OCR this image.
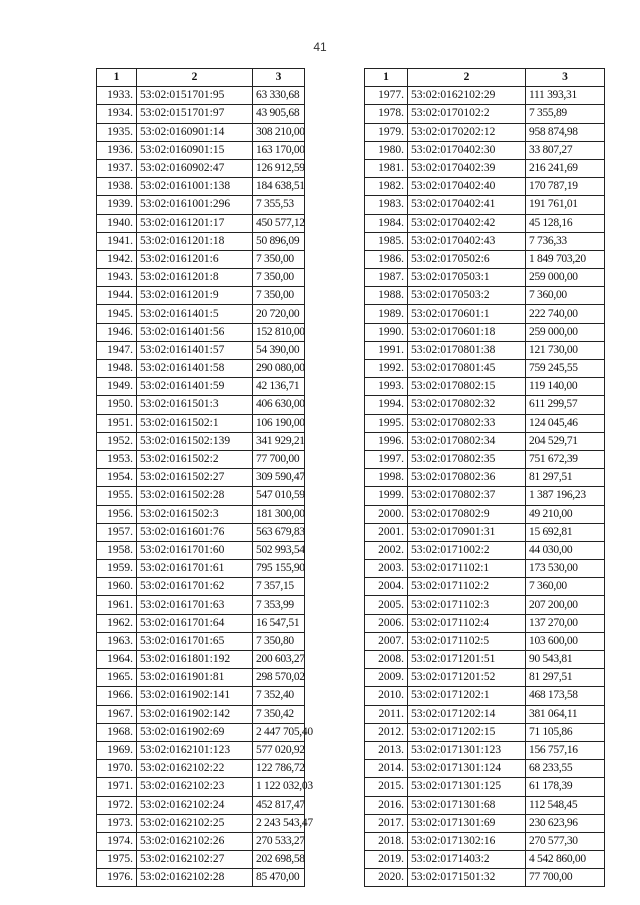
41
1	2	3
1933.	53:02:0151701:95	63 330,68
1934.	53:02:0151701:97	43 905,68
1935.	53:02:0160901:14	308 210,00
1936.	53:02:0160901:15	163 170,00
1937.	53:02:0160902:47	126 912,59
1938.	53:02:0161001:138	184 638,51
1939.	53:02:0161001:296	7 355,53
1940.	53:02:0161201:17	450 577,12
1941.	53:02:0161201:18	50 896,09
1942.	53:02:0161201:6	7 350,00
1943.	53:02:0161201:8	7 350,00
1944.	53:02:0161201:9	7 350,00
1945.	53:02:0161401:5	20 720,00
1946.	53:02:0161401:56	152 810,00
1947.	53:02:0161401:57	54 390,00
1948.	53:02:0161401:58	290 080,00
1949.	53:02:0161401:59	42 136,71
1950.	53:02:0161501:3	406 630,00
1951.	53:02:0161502:1	106 190,00
1952.	53:02:0161502:139	341 929,21
1953.	53:02:0161502:2	77 700,00
1954.	53:02:0161502:27	309 590,47
1955.	53:02:0161502:28	547 010,59
1956.	53:02:0161502:3	181 300,00
1957.	53:02:0161601:76	563 679,83
1958.	53:02:0161701:60	502 993,54
1959.	53:02:0161701:61	795 155,90
1960.	53:02:0161701:62	7 357,15
1961.	53:02:0161701:63	7 353,99
1962.	53:02:0161701:64	16 547,51
1963.	53:02:0161701:65	7 350,80
1964.	53:02:0161801:192	200 603,27
1965.	53:02:0161901:81	298 570,02
1966.	53:02:0161902:141	7 352,40
1967.	53:02:0161902:142	7 350,42
1968.	53:02:0161902:69	2 447 705,40
1969.	53:02:0162101:123	577 020,92
1970.	53:02:0162102:22	122 786,72
1971.	53:02:0162102:23	1 122 032,03
1972.	53:02:0162102:24	452 817,47
1973.	53:02:0162102:25	2 243 543,47
1974.	53:02:0162102:26	270 533,27
1975.	53:02:0162102:27	202 698,58
1976.	53:02:0162102:28	85 470,00
1	2	3
1977.	53:02:0162102:29	111 393,31
1978.	53:02:0170102:2	7 355,89
1979.	53:02:0170202:12	958 874,98
1980.	53:02:0170402:30	33 807,27
1981.	53:02:0170402:39	216 241,69
1982.	53:02:0170402:40	170 787,19
1983.	53:02:0170402:41	191 761,01
1984.	53:02:0170402:42	45 128,16
1985.	53:02:0170402:43	7 736,33
1986.	53:02:0170502:6	1 849 703,20
1987.	53:02:0170503:1	259 000,00
1988.	53:02:0170503:2	7 360,00
1989.	53:02:0170601:1	222 740,00
1990.	53:02:0170601:18	259 000,00
1991.	53:02:0170801:38	121 730,00
1992.	53:02:0170801:45	759 245,55
1993.	53:02:0170802:15	119 140,00
1994.	53:02:0170802:32	611 299,57
1995.	53:02:0170802:33	124 045,46
1996.	53:02:0170802:34	204 529,71
1997.	53:02:0170802:35	751 672,39
1998.	53:02:0170802:36	81 297,51
1999.	53:02:0170802:37	1 387 196,23
2000.	53:02:0170802:9	49 210,00
2001.	53:02:0170901:31	15 692,81
2002.	53:02:0171002:2	44 030,00
2003.	53:02:0171102:1	173 530,00
2004.	53:02:0171102:2	7 360,00
2005.	53:02:0171102:3	207 200,00
2006.	53:02:0171102:4	137 270,00
2007.	53:02:0171102:5	103 600,00
2008.	53:02:0171201:51	90 543,81
2009.	53:02:0171201:52	81 297,51
2010.	53:02:0171202:1	468 173,58
2011.	53:02:0171202:14	381 064,11
2012.	53:02:0171202:15	71 105,86
2013.	53:02:0171301:123	156 757,16
2014.	53:02:0171301:124	68 233,55
2015.	53:02:0171301:125	61 178,39
2016.	53:02:0171301:68	112 548,45
2017.	53:02:0171301:69	230 623,96
2018.	53:02:0171302:16	270 577,30
2019.	53:02:0171403:2	4 542 860,00
2020.	53:02:0171501:32	77 700,00
